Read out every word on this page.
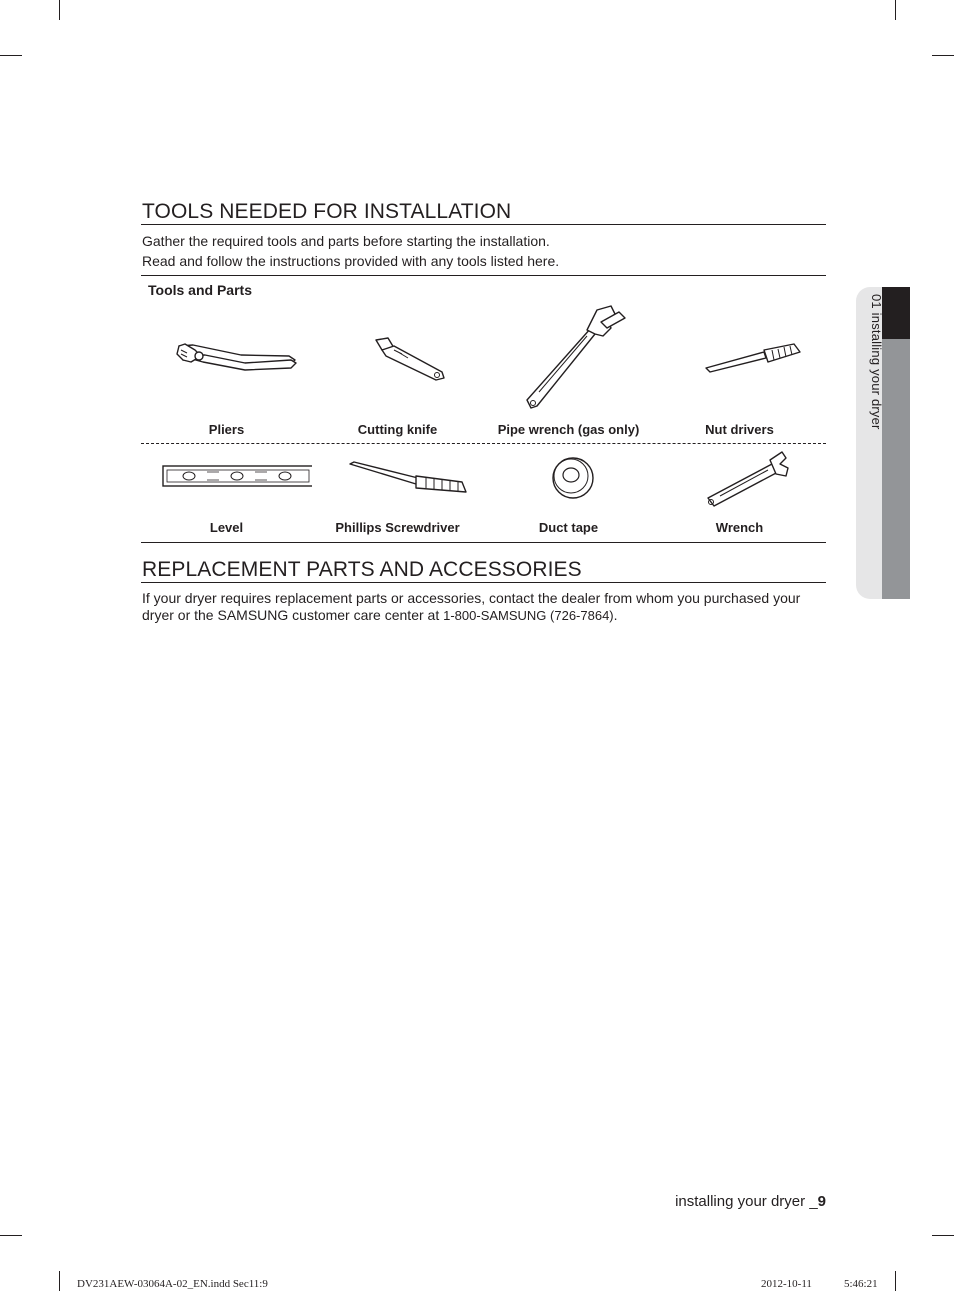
TOOLS NEEDED FOR INSTALLATION
Gather the required tools and parts before starting the installation.
Read and follow the instructions provided with any tools listed here.
Tools and Parts
Pliers	Cutting knife	Pipe wrench (gas only)	Nut drivers
Level	Phillips Screwdriver	Duct tape	Wrench
REPLACEMENT PARTS AND ACCESSORIES
If your dryer requires replacement parts or accessories, contact the dealer from whom you purchased your dryer or the SAMSUNG customer care center at 1-800-SAMSUNG (726-7864).
01 installing your dryer
installing your dryer _9
DV231AEW-03064A-02_EN.indd Sec11:9	2012-10-11	5:46:21
